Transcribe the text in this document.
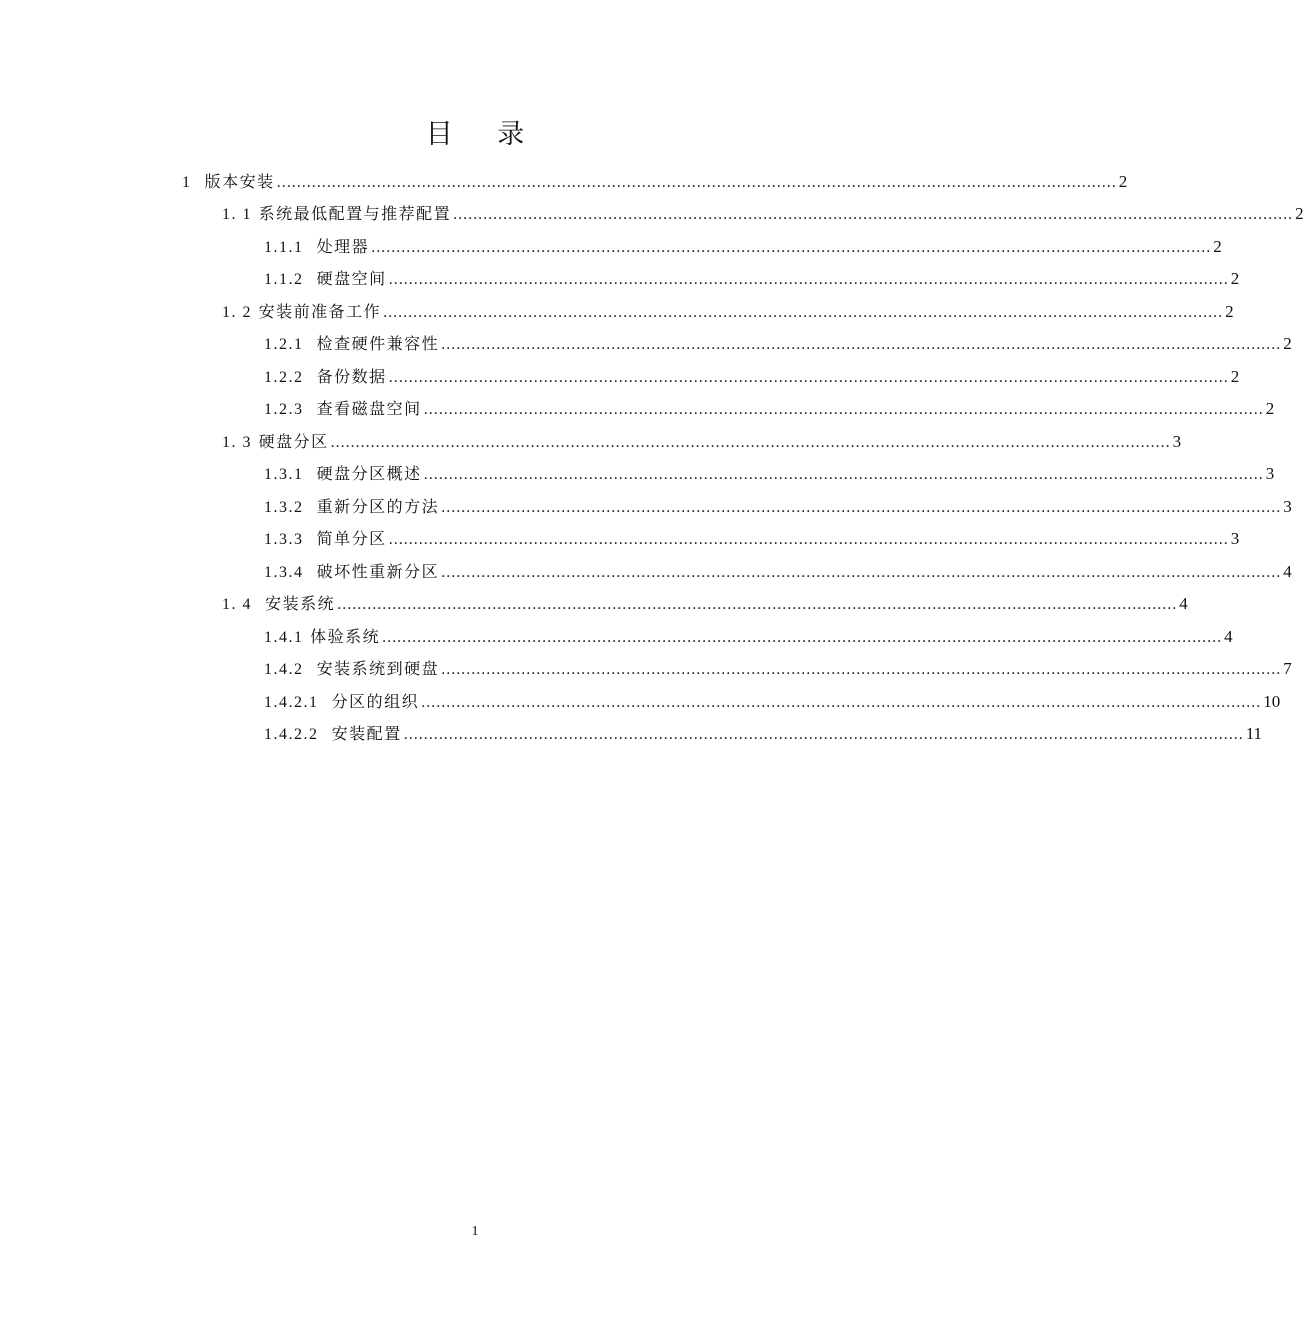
目 录
1 版本安装 ........................................................................................................................................................................ 2
1. 1 系统最低配置与推荐配置 ........................................................................................................................................................................ 2
1.1.1 处理器 ........................................................................................................................................................................ 2
1.1.2 硬盘空间 ........................................................................................................................................................................ 2
1. 2 安装前准备工作 ........................................................................................................................................................................ 2
1.2.1 检查硬件兼容性 ........................................................................................................................................................................ 2
1.2.2 备份数据 ........................................................................................................................................................................ 2
1.2.3 查看磁盘空间 ........................................................................................................................................................................ 2
1. 3 硬盘分区 ........................................................................................................................................................................ 3
1.3.1 硬盘分区概述 ........................................................................................................................................................................ 3
1.3.2 重新分区的方法 ........................................................................................................................................................................ 3
1.3.3 简单分区 ........................................................................................................................................................................ 3
1.3.4 破坏性重新分区 ........................................................................................................................................................................ 4
1. 4 安装系统 ........................................................................................................................................................................ 4
1.4.1 体验系统 ........................................................................................................................................................................ 4
1.4.2 安装系统到硬盘 ........................................................................................................................................................................ 7
1.4.2.1 分区的组织 ........................................................................................................................................................................ 10
1.4.2.2 安装配置 ........................................................................................................................................................................ 11
1
